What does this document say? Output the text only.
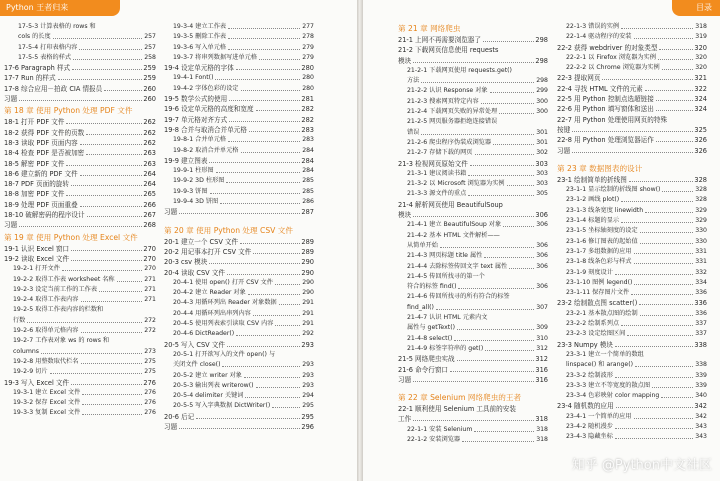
Python 王者归来
17-5-3 计算表格的 rows 和
cols 的长度	257
17-5-4 打印表格内容	257
17-5-5 表格的样式	258
17-6 Paragraph 样式	259
17-7 Run 的样式	259
17-8 综合应用－拍政 CIA 情报员	260
习题	260
第 18 章 使用 Python 处理 PDF 文件
18-1 打开 PDF 文件	262
18-2 获得 PDF 文件的页数	262
18-3 读取 PDF 页面内容	262
18-4 检查 PDF 是否被加密	263
18-5 解密 PDF 文件	263
18-6 建立新的 PDF 文件	264
18-7 PDF 页面的旋转	264
18-8 加密 PDF 文件	265
18-9 处理 PDF 页面重叠	266
18-10 破解密码的程序设计	267
习题	268
第 19 章 使用 Python 处理 Excel 文件
19-1 认识 Excel 窗口	270
19-2 读取 Excel 文件	270
19-2-1 打开文件	270
19-2-2 取得工作表 worksheet 名称	271
19-2-3 设定当前工作的工作表	271
19-2-4 取得工作表内容	271
19-2-5 取得工作表内容的栏数和
行数	272
19-2-6 取得单元格内容	272
19-2-7 工作表对象 ws 的 rows 和
columns	273
19-2-8 用整数取代栏名	275
19-2-9 切片	275
19-3 写入 Excel 文件	276
19-3-1 建立 Excel 文件	276
19-3-2 保存 Excel 文件	276
19-3-3 复制 Excel 文件	276
19-3-4 建立工作表	277
19-3-5 删除工作表	278
19-3-6 写入单元格	279
19-3-7 将串列数据写进单元格	279
19-4 设定单元格的字体	280
19-4-1 Font()	280
19-4-2 字体色彩的设定	280
19-5 数学公式的使用	281
19-6 设定单元格的高度和宽度	282
19-7 单元格对齐方式	282
19-8 合并与取消合并单元格	283
19-8-1 合并单元格	283
19-8-2 取消合并单元格	284
19-9 建立图表	284
19-9-1 柱形图	284
19-9-2 3D 柱形图	285
19-9-3 饼图	285
19-9-4 3D 饼图	286
习题	287
第 20 章 使用 Python 处理 CSV 文件
20-1 建立一个 CSV 文件	289
20-2 用记事本打开 CSV 文件	289
20-3 csv 模块	290
20-4 读取 CSV 文件	290
20-4-1 使用 open() 打开 CSV 文件	290
20-4-2 建立 Reader 对象	290
20-4-3 用循环列出 Reader 对象数据	291
20-4-4 用循环列出串列内容	291
20-4-5 使用列表索引读取 CSV 内容	291
20-4-6 DictReader()	292
20-5 写入 CSV 文件	293
20-5-1 打开欲写入的文件 open() 与
关闭文件 close()	293
20-5-2 建立 writer 对象	293
20-5-3 输出列表 writerow()	293
20-5-4 delimiter 关键词	294
20-5-5 写入字典数据 DictWriter()	295
20-6 后记	295
习题	296
目录
第 21 章 网络爬虫
21-1 上网不再需要浏览器了	298
21-2 下载网页信息使用 requests
模块	298
21-2-1 下载网页使用 requests.get()
方法	298
21-2-2 认识 Response 对象	299
21-2-3 搜索网页特定内容	300
21-2-4 下载网页失败的异常处理	300
21-2-5 网页服务器拒绝连接错误
错误	301
21-2-6 爬虫程序伪装成浏览器	301
21-2-7 存储下载的网页	302
21-3 检视网页原始文件	303
21-3-1 建议阅读书籍	303
21-3-2 以 Microsoft 浏览器为实例	303
21-3-3 源文件的重点	305
21-4 解析网页使用 BeautifulSoup
模块	306
21-4-1 建立 BeautifulSoup 对象	306
21-4-2 基本 HTML 文件解析——
从简单开始	306
21-4-3 网页标题 title 属性	306
21-4-4 去除标签传回文字 text 属性	306
21-4-5 传回所找寻的第一个
符合的标签 find()	306
21-4-6 传回所找寻的所有符合的标签
find_all()	307
21-4-7 认识 HTML 元素内文
属性与 getText()	309
21-4-8 select()	310
21-4-9 标签字符串的 get()	312
21-5 网络爬虫实战	312
21-6 命令行窗口	316
习题	316
第 22 章 Selenium 网络爬虫的王者
22-1 顺利使用 Selenium 工具前的安装
工作	318
22-1-1 安装 Selenium	318
22-1-2 安装浏览器	318
22-1-3 错误的实例	318
22-1-4 驱动程序的安装	319
22-2 获得 webdriver 的对象类型	320
22-2-1 以 Firefox 浏览器为实例	320
22-2-2 以 Chrome 浏览器为实例	320
22-3 提取网页	321
22-4 寻找 HTML 文件的元素	322
22-5 用 Python 控制点选超链接	324
22-6 用 Python 填写窗体和送出	324
22-7 用 Python 处理使用网页的特殊
按键	325
22-8 用 Python 处理浏览器运作	326
习题	326
第 23 章 数据图表的设计
23-1 绘制简单的折线图	328
23-1-1 显示绘制的折线图 show()	328
23-1-2 画线 plot()	328
23-1-3 线条宽度 linewidth	329
23-1-4 标题的显示	329
23-1-5 坐标轴刻度的设定	330
23-1-6 修订图表的起始值	330
23-1-7 多组数据的应用	331
23-1-8 线条色彩与样式	331
23-1-9 刻度设计	332
23-1-10 图例 legend()	334
23-1-11 保存图片文件	336
23-2 绘制散点图 scatter()	336
23-2-1 基本散点图的绘制	336
23-2-2 绘制系列点	337
23-2-3 设定绘图区间	337
23-3 Numpy 模块	338
23-3-1 建立一个简单的数组
linspace() 和 arange()	338
23-3-2 绘制波形	339
23-3-3 建立不等宽度的散点图	339
23-3-4 色彩映射 color mapping	340
23-4 随机数的应用	342
23-4-1 一个简单的应用	342
23-4-2 随机漫步	343
23-4-3 隐藏坐标	343
知乎 @Python中文社区
